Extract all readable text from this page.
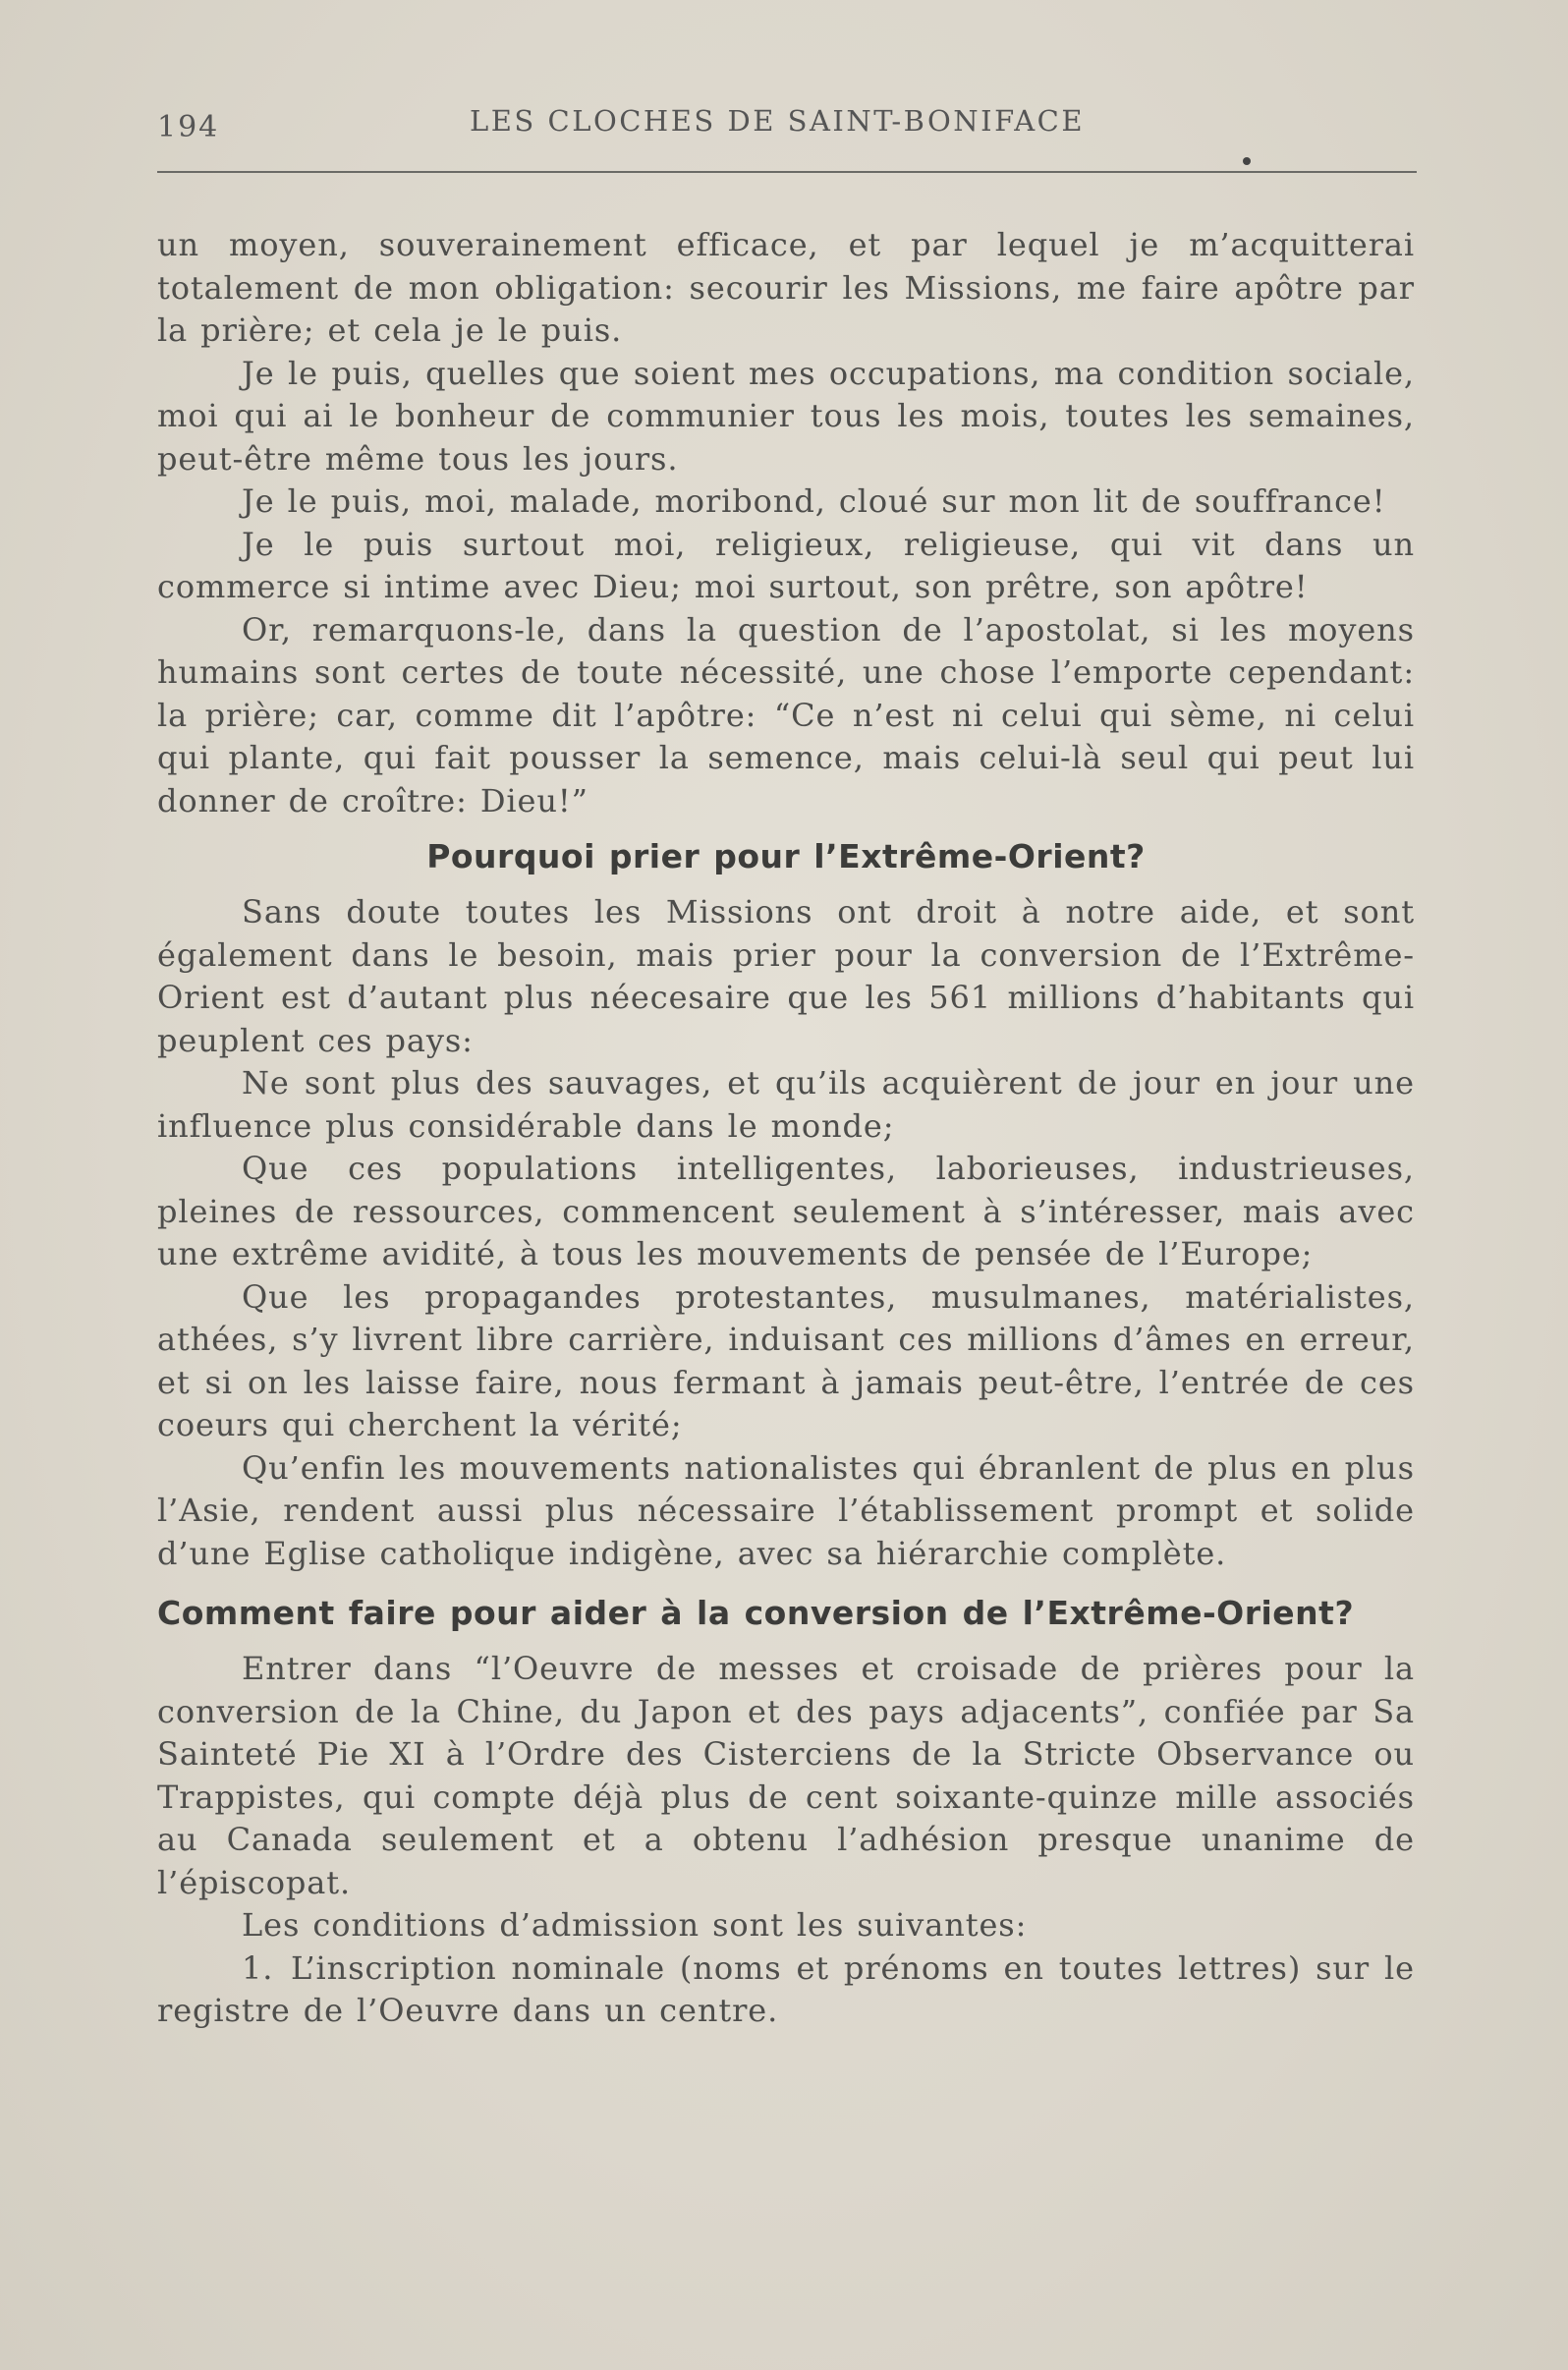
194	LES CLOCHES DE SAINT-BONIFACE

un moyen, souverainement efficace, et par lequel je m’acquitterai totalement de mon obligation: secourir les Missions, me faire apôtre par la prière; et cela je le puis.

Je le puis, quelles que soient mes occupations, ma condition sociale, moi qui ai le bonheur de communier tous les mois, toutes les semaines, peut-être même tous les jours.

Je le puis, moi, malade, moribond, cloué sur mon lit de souffrance!

Je le puis surtout moi, religieux, religieuse, qui vit dans un commerce si intime avec Dieu; moi surtout, son prêtre, son apôtre!

Or, remarquons-le, dans la question de l’apostolat, si les moyens humains sont certes de toute nécessité, une chose l’emporte cependant: la prière; car, comme dit l’apôtre: “Ce n’est ni celui qui sème, ni celui qui plante, qui fait pousser la semence, mais celui-là seul qui peut lui donner de croître: Dieu!”

Pourquoi prier pour l’Extrême-Orient?

Sans doute toutes les Missions ont droit à notre aide, et sont également dans le besoin, mais prier pour la conversion de l’Extrême-Orient est d’autant plus néecesaire que les 561 millions d’habitants qui peuplent ces pays:

Ne sont plus des sauvages, et qu’ils acquièrent de jour en jour une influence plus considérable dans le monde;

Que ces populations intelligentes, laborieuses, industrieuses, pleines de ressources, commencent seulement à s’intéresser, mais avec une extrême avidité, à tous les mouvements de pensée de l’Europe;

Que les propagandes protestantes, musulmanes, matérialistes, athées, s’y livrent libre carrière, induisant ces millions d’âmes en erreur, et si on les laisse faire, nous fermant à jamais peut-être, l’entrée de ces coeurs qui cherchent la vérité;

Qu’enfin les mouvements nationalistes qui ébranlent de plus en plus l’Asie, rendent aussi plus nécessaire l’établissement prompt et solide d’une Eglise catholique indigène, avec sa hiérarchie complète.

Comment faire pour aider à la conversion de l’Extrême-Orient?

Entrer dans “l’Oeuvre de messes et croisade de prières pour la conversion de la Chine, du Japon et des pays adjacents”, confiée par Sa Sainteté Pie XI à l’Ordre des Cisterciens de la Stricte Observance ou Trappistes, qui compte déjà plus de cent soixante-quinze mille associés au Canada seulement et a obtenu l’adhésion presque unanime de l’épiscopat.

Les conditions d’admission sont les suivantes:

1. L’inscription nominale (noms et prénoms en toutes lettres) sur le registre de l’Oeuvre dans un centre.
